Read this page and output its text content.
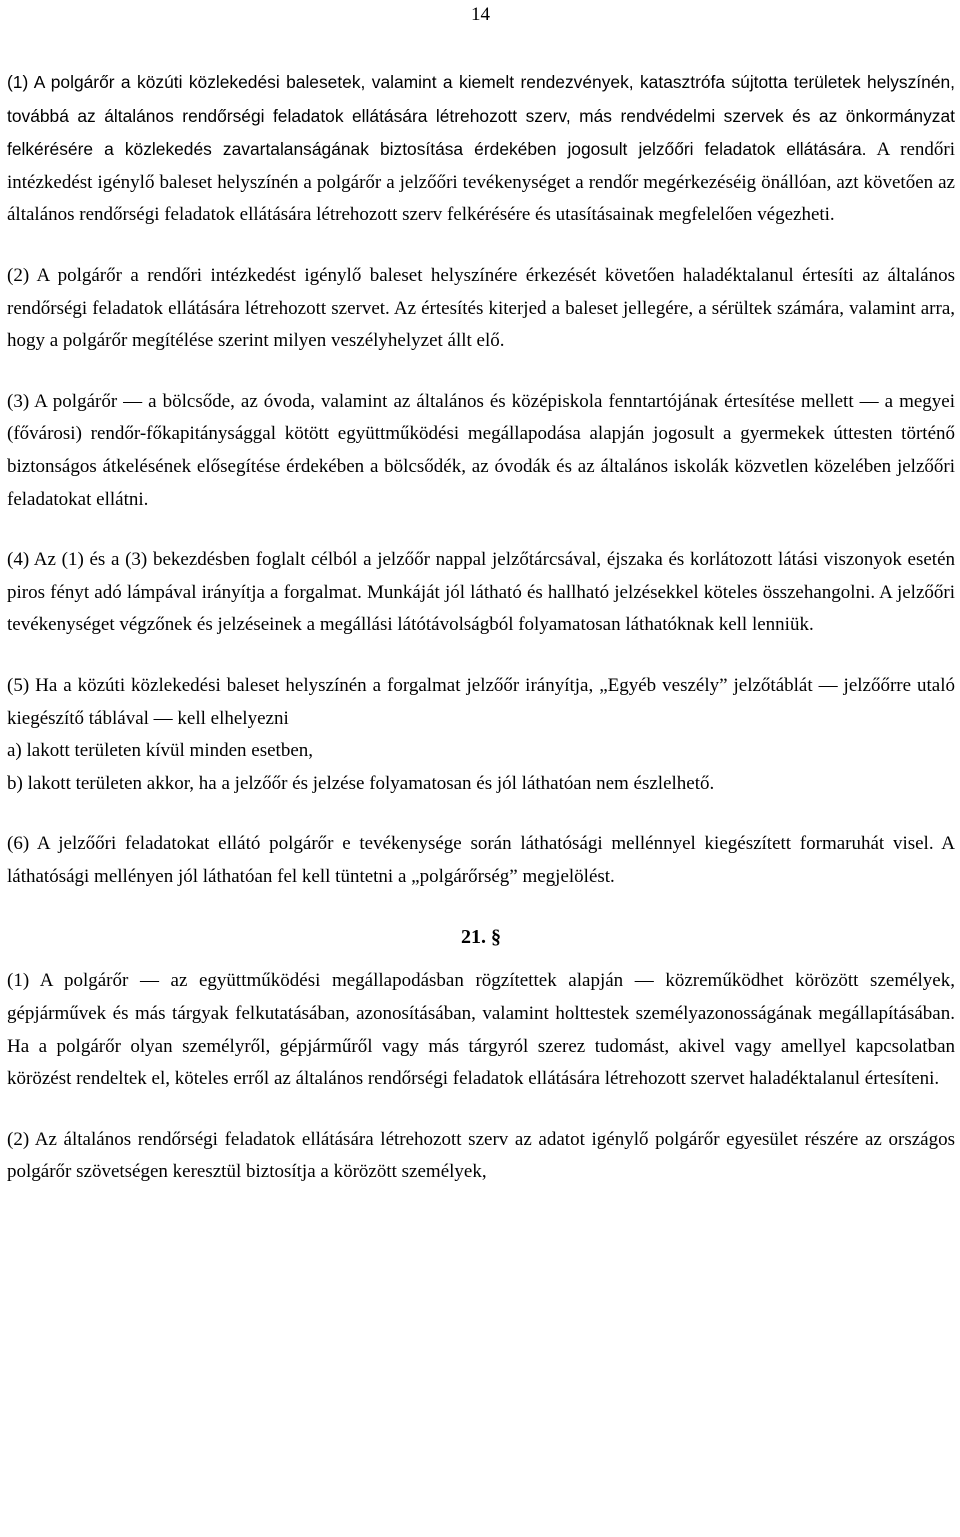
14

(1) A polgárőr a közúti közlekedési balesetek, valamint a kiemelt rendezvények, katasztrófa sújtotta területek helyszínén, továbbá az általános rendőrségi feladatok ellátására létrehozott szerv, más rendvédelmi szervek és az önkormányzat felkérésére a közlekedés zavartalanságának biztosítása érdekében jogosult jelzőőri feladatok ellátására. A rendőri intézkedést igénylő baleset helyszínén a polgárőr a jelzőőri tevékenységet a rendőr megérkezéséig önállóan, azt követően az általános rendőrségi feladatok ellátására létrehozott szerv felkérésére és utasításainak megfelelően végezheti.

(2) A polgárőr a rendőri intézkedést igénylő baleset helyszínére érkezését követően haladéktalanul értesíti az általános rendőrségi feladatok ellátására létrehozott szervet. Az értesítés kiterjed a baleset jellegére, a sérültek számára, valamint arra, hogy a polgárőr megítélése szerint milyen veszélyhelyzet állt elő.

(3) A polgárőr ― a bölcsőde, az óvoda, valamint az általános és középiskola fenntartójának értesítése mellett ― a megyei (fővárosi) rendőr-főkapitánysággal kötött együttműködési megállapodása alapján jogosult a gyermekek úttesten történő biztonságos átkelésének elősegítése érdekében a bölcsődék, az óvodák és az általános iskolák közvetlen közelében jelzőőri feladatokat ellátni.

(4) Az (1) és a (3) bekezdésben foglalt célból a jelzőőr nappal jelzőtárcsával, éjszaka és korlátozott látási viszonyok esetén piros fényt adó lámpával irányítja a forgalmat. Munkáját jól látható és hallható jelzésekkel köteles összehangolni. A jelzőőri tevékenységet végzőnek és jelzéseinek a megállási látótávolságból folyamatosan láthatóknak kell lenniük.

(5) Ha a közúti közlekedési baleset helyszínén a forgalmat jelzőőr irányítja, „Egyéb veszély” jelzőtáblát ― jelzőőrre utaló kiegészítő táblával ― kell elhelyezni

a) lakott területen kívül minden esetben,

b) lakott területen akkor, ha a jelzőőr és jelzése folyamatosan és jól láthatóan nem észlelhető.

(6) A jelzőőri feladatokat ellátó polgárőr e tevékenysége során láthatósági mellénnyel kiegészített formaruhát visel. A láthatósági mellényen jól láthatóan fel kell tüntetni a „polgárőrség” megjelölést.

21. §

(1) A polgárőr ― az együttműködési megállapodásban rögzítettek alapján ― közreműködhet körözött személyek, gépjárművek és más tárgyak felkutatásában, azonosításában, valamint holttestek személyazonosságának megállapításában. Ha a polgárőr olyan személyről, gépjárműről vagy más tárgyról szerez tudomást, akivel vagy amellyel kapcsolatban körözést rendeltek el, köteles erről az általános rendőrségi feladatok ellátására létrehozott szervet haladéktalanul értesíteni.

(2) Az általános rendőrségi feladatok ellátására létrehozott szerv az adatot igénylő polgárőr egyesület részére az országos polgárőr szövetségen keresztül biztosítja a körözött személyek,
